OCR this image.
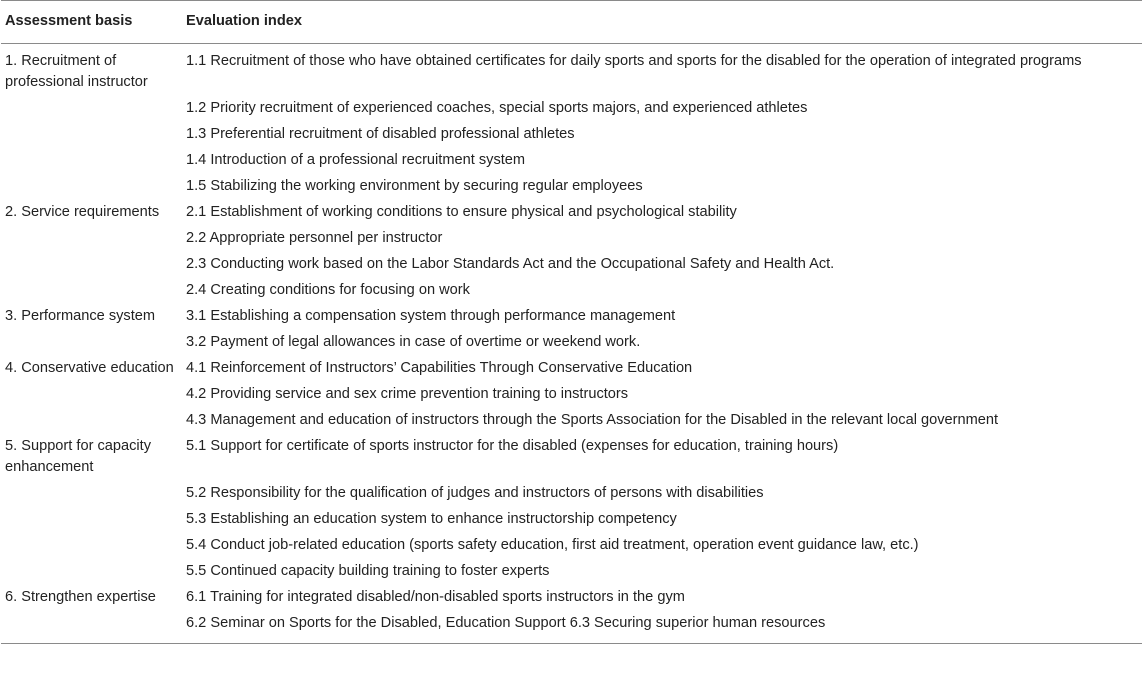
Assessment basis	Evaluation index
1. Recruitment of professional instructor	1.1 Recruitment of those who have obtained certificates for daily sports and sports for the disabled for the operation of integrated programs
	1.2 Priority recruitment of experienced coaches, special sports majors, and experienced athletes
	1.3 Preferential recruitment of disabled professional athletes
	1.4 Introduction of a professional recruitment system
	1.5 Stabilizing the working environment by securing regular employees
2. Service requirements	2.1 Establishment of working conditions to ensure physical and psychological stability
	2.2 Appropriate personnel per instructor
	2.3 Conducting work based on the Labor Standards Act and the Occupational Safety and Health Act.
	2.4 Creating conditions for focusing on work
3. Performance system	3.1 Establishing a compensation system through performance management
	3.2 Payment of legal allowances in case of overtime or weekend work.
4. Conservative education	4.1 Reinforcement of Instructors’ Capabilities Through Conservative Education
	4.2 Providing service and sex crime prevention training to instructors
	4.3 Management and education of instructors through the Sports Association for the Disabled in the relevant local government
5. Support for capacity enhancement	5.1 Support for certificate of sports instructor for the disabled (expenses for education, training hours)
	5.2 Responsibility for the qualification of judges and instructors of persons with disabilities
	5.3 Establishing an education system to enhance instructorship competency
	5.4 Conduct job-related education (sports safety education, first aid treatment, operation event guidance law, etc.)
	5.5 Continued capacity building training to foster experts
6. Strengthen expertise	6.1 Training for integrated disabled/non-disabled sports instructors in the gym
	6.2 Seminar on Sports for the Disabled, Education Support 6.3 Securing superior human resources
